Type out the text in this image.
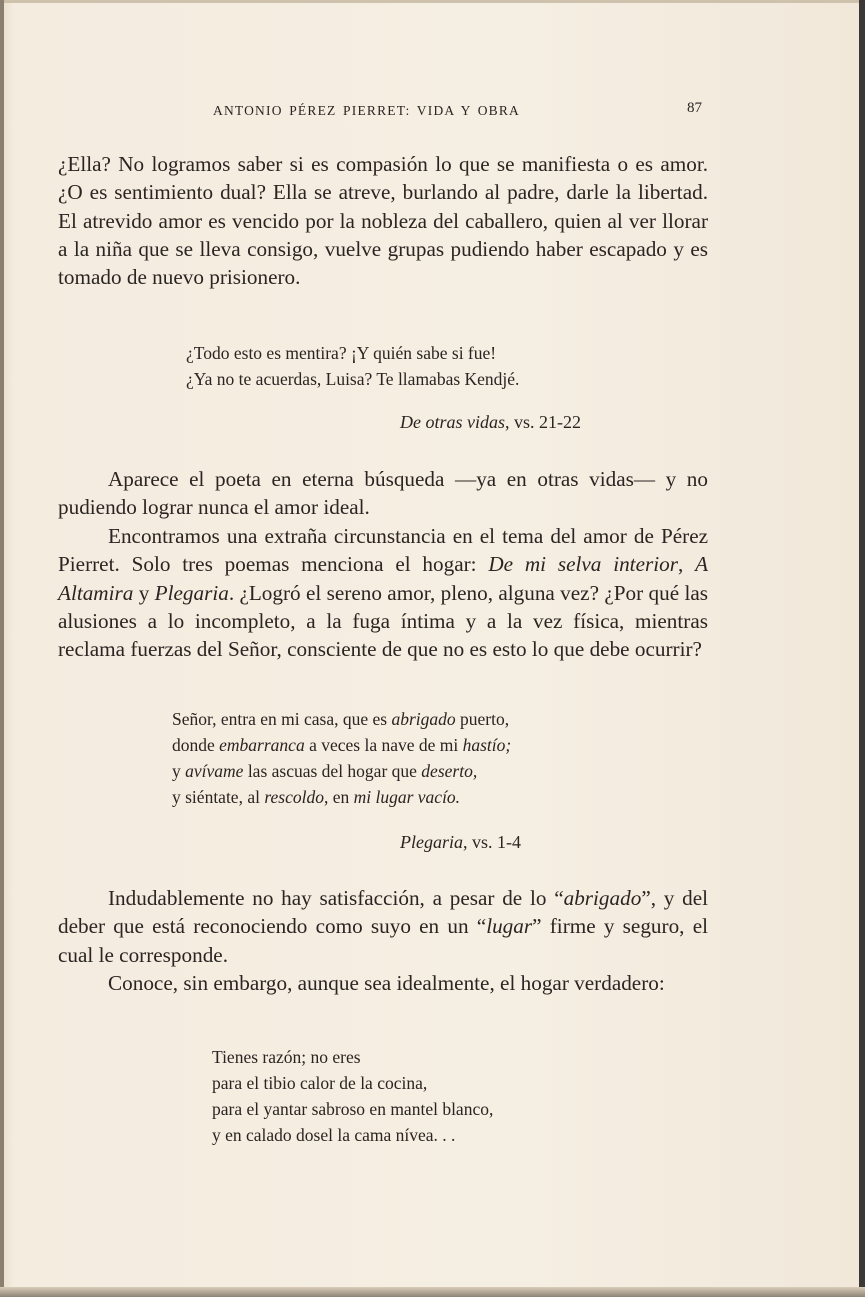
ANTONIO PÉREZ PIERRET: VIDA Y OBRA	87

¿Ella? No logramos saber si es compasión lo que se manifiesta o es amor. ¿O es sentimiento dual? Ella se atreve, burlando al padre, darle la libertad. El atrevido amor es vencido por la nobleza del caballero, quien al ver llorar a la niña que se lleva consigo, vuelve grupas pudiendo haber escapado y es tomado de nuevo prisionero.

¿Todo esto es mentira? ¡Y quién sabe si fue!
¿Ya no te acuerdas, Luisa? Te llamabas Kendjé.
De otras vidas, vs. 21-22

Aparece el poeta en eterna búsqueda —ya en otras vidas— y no pudiendo lograr nunca el amor ideal.

Encontramos una extraña circunstancia en el tema del amor de Pérez Pierret. Solo tres poemas menciona el hogar: De mi selva interior, A Altamira y Plegaria. ¿Logró el sereno amor, pleno, alguna vez? ¿Por qué las alusiones a lo incompleto, a la fuga íntima y a la vez física, mientras reclama fuerzas del Señor, consciente de que no es esto lo que debe ocurrir?

Señor, entra en mi casa, que es abrigado puerto,
donde embarranca a veces la nave de mi hastío;
y avívame las ascuas del hogar que deserto,
y siéntate, al rescoldo, en mi lugar vacío.
Plegaria, vs. 1-4

Indudablemente no hay satisfacción, a pesar de lo “abrigado”, y del deber que está reconociendo como suyo en un “lugar” firme y seguro, el cual le corresponde.

Conoce, sin embargo, aunque sea idealmente, el hogar verdadero:

Tienes razón; no eres
para el tibio calor de la cocina,
para el yantar sabroso en mantel blanco,
y en calado dosel la cama nívea. . .
